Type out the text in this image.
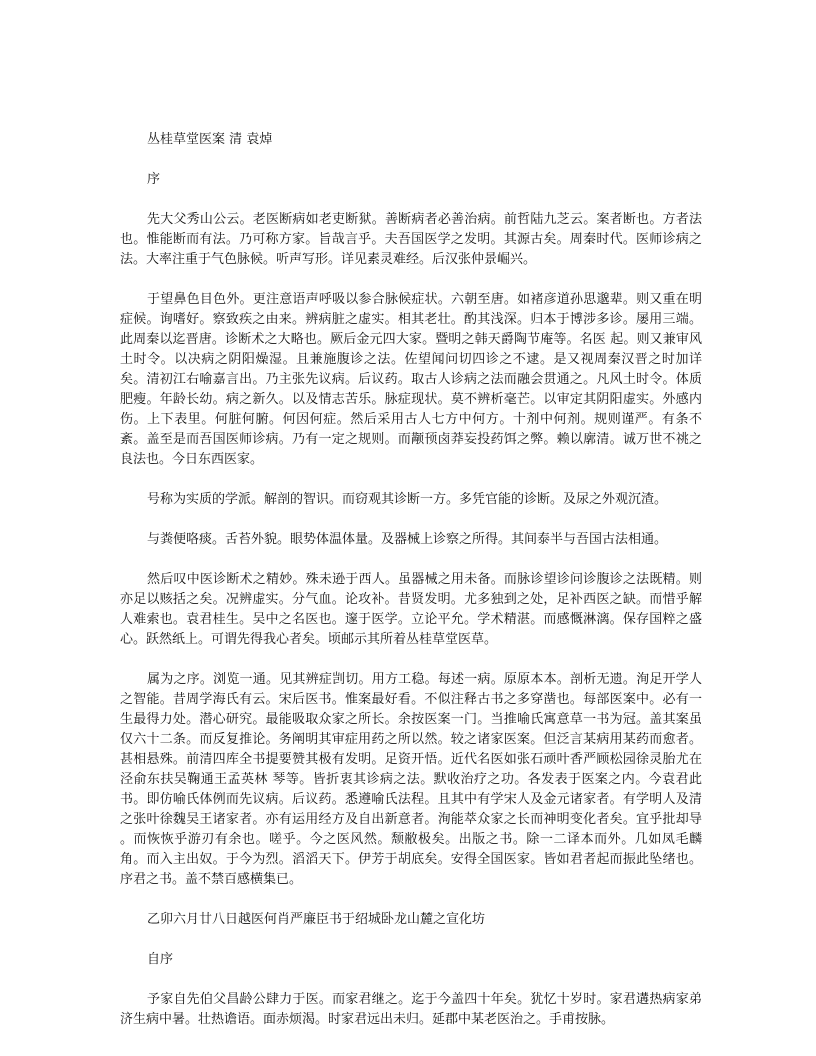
丛桂草堂医案 清 袁焯

序

先大父秀山公云。老医断病如老吏断狱。善断病者必善治病。前哲陆九芝云。案者断也。方者法也。惟能断而有法。乃可称方家。旨哉言乎。夫吾国医学之发明。其源古矣。周秦时代。医师诊病之法。大率注重于气色脉候。听声写形。详见素灵难经。后汉张仲景崛兴。

于望鼻色目色外。更注意语声呼吸以参合脉候症状。六朝至唐。如褚彦道孙思邈辈。则又重在明症候。询嗜好。察致疾之由来。辨病脏之虚实。相其老壮。酌其浅深。归本于博涉多诊。屡用三端。此周秦以迄晋唐。诊断术之大略也。厥后金元四大家。暨明之韩天爵陶节庵等。名医 起。则又兼审风土时令。以决病之阴阳燥湿。且兼施腹诊之法。佐望闻问切四诊之不逮。是又视周秦汉晋之时加详矣。清初江右喻嘉言出。乃主张先议病。后议药。取古人诊病之法而融会贯通之。凡风土时令。体质肥瘦。年龄长幼。病之新久。以及情志苦乐。脉症现状。莫不辨析毫芒。以审定其阴阳虚实。外感内伤。上下表里。何脏何腑。何因何症。然后采用古人七方中何方。十剂中何剂。规则谨严。有条不紊。盖至是而吾国医师诊病。乃有一定之规则。而颟顸卤莽妄投药饵之弊。赖以廓清。诚万世不祧之良法也。今日东西医家。

号称为实质的学派。解剖的智识。而窃观其诊断一方。多凭官能的诊断。及尿之外观沉渣。

与粪便咯痰。舌苔外貌。眼势体温体量。及器械上诊察之所得。其间泰半与吾国古法相通。

然后叹中医诊断术之精妙。殊未逊于西人。虽器械之用未备。而脉诊望诊问诊腹诊之法既精。则亦足以赅括之矣。况辨虚实。分气血。论攻补。昔贤发明。尤多独到之处，足补西医之缺。而惜乎解人难索也。袁君桂生。吴中之名医也。邃于医学。立论平允。学术精湛。而感慨淋漓。保存国粹之盛心。跃然纸上。可谓先得我心者矣。顷邮示其所着丛桂草堂医草。

属为之序。浏览一通。见其辨症剀切。用方工稳。每述一病。原原本本。剖析无遗。洵足开学人之智能。昔周学海氏有云。宋后医书。惟案最好看。不似注释古书之多穿凿也。每部医案中。必有一生最得力处。潜心研究。最能吸取众家之所长。余按医案一门。当推喻氏寓意草一书为冠。盖其案虽仅六十二条。而反复推论。务阐明其审症用药之所以然。较之诸家医案。但泛言某病用某药而愈者。甚相悬殊。前清四库全书提要赞其极有发明。足资开悟。近代名医如张石顽叶香严顾松园徐灵胎尤在泾俞东扶吴鞠通王孟英林 琴等。皆折衷其诊病之法。默收治疗之功。各发表于医案之内。今袁君此书。即仿喻氏体例而先议病。后议药。悉遵喻氏法程。且其中有学宋人及金元诸家者。有学明人及清之张叶徐魏吴王诸家者。亦有运用经方及自出新意者。洵能萃众家之长而神明变化者矣。宜乎批却导 。而恢恢乎游刃有余也。嗟乎。今之医风然。颓敝极矣。出版之书。除一二译本而外。几如凤毛麟角。而入主出奴。于今为烈。滔滔天下。伊芳于胡底矣。安得全国医家。皆如君者起而振此坠绪也。序君之书。盖不禁百感横集已。

乙卯六月廿八日越医何肖严廉臣书于绍城卧龙山麓之宣化坊

自序

予家自先伯父昌龄公肆力于医。而家君继之。迄于今盖四十年矣。犹忆十岁时。家君遘热病家弟济生病中暑。壮热谵语。面赤烦渴。时家君远出未归。延郡中某老医治之。手甫按脉。
